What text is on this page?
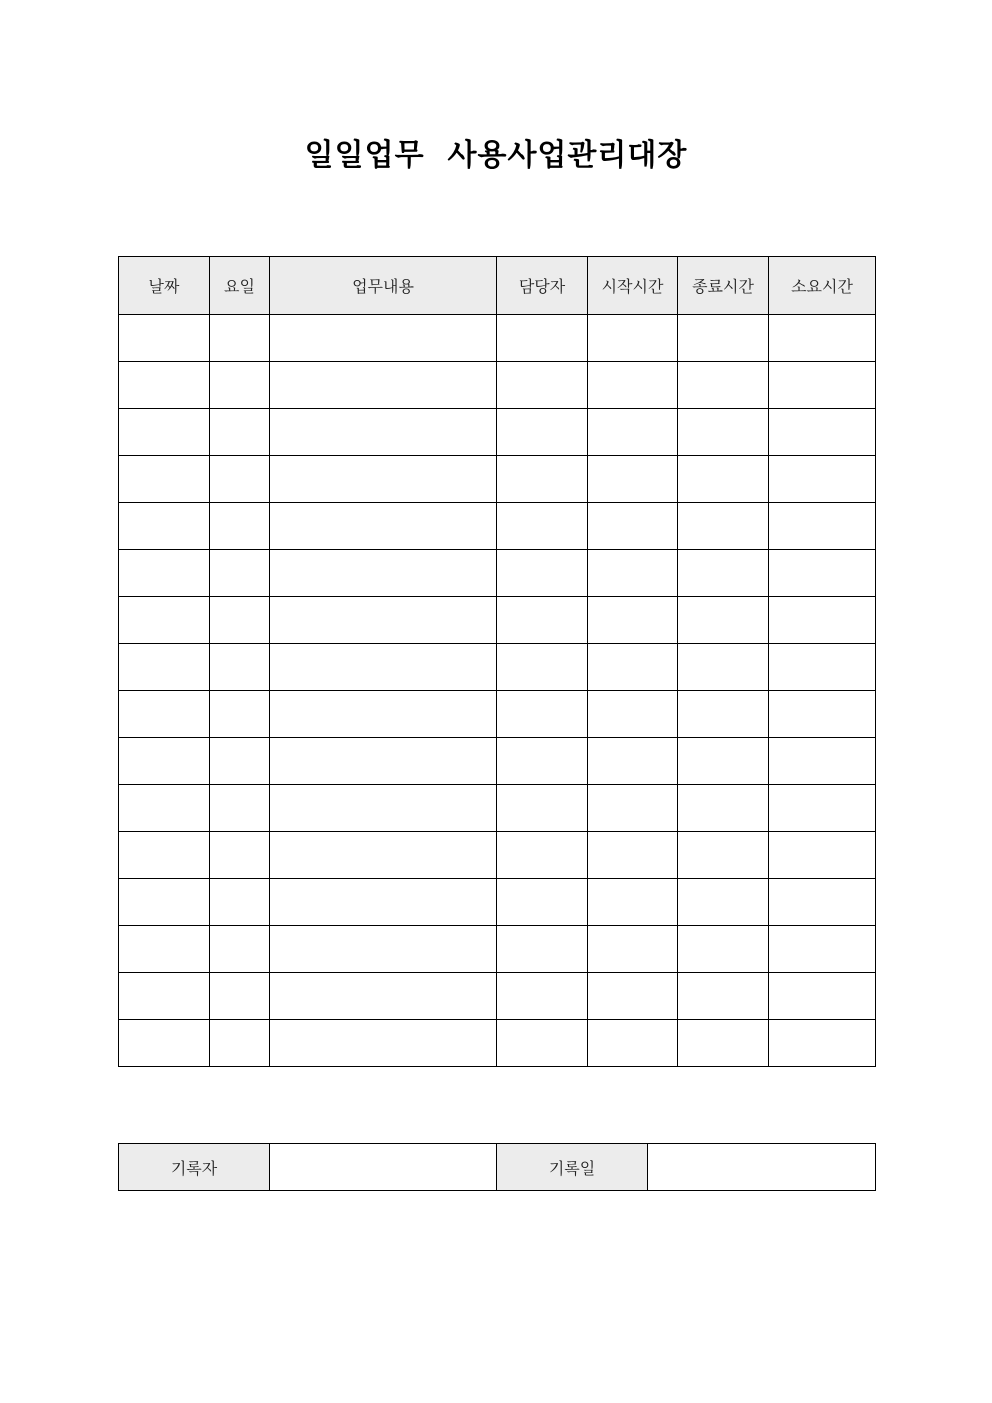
일일업무  사용사업관리대장
날짜	요일	업무내용	담당자	시작시간	종료시간	소요시간

기록자		기록일	
